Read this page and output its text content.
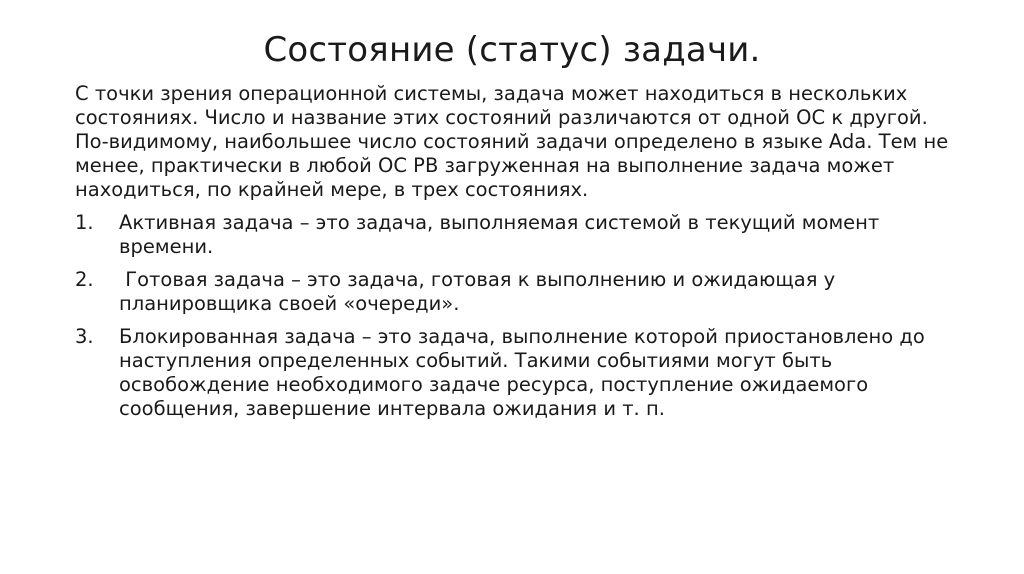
Состояние (статус) задачи.

С точки зрения операционной системы, задача может находиться в нескольких состояниях. Число и название этих состояний различаются от одной ОС к другой. По-видимому, наибольшее число состояний задачи определено в языке Ada. Тем не менее, практически в любой ОС РВ загруженная на выполнение задача может находиться, по крайней мере, в трех состояниях.

1. Активная задача – это задача, выполняемая системой в текущий момент времени.
2. Готовая задача – это задача, готовая к выполнению и ожидающая у планировщика своей «очереди».
3. Блокированная задача – это задача, выполнение которой приостановлено до наступления определенных событий. Такими событиями могут быть освобождение необходимого задаче ресурса, поступление ожидаемого сообщения, завершение интервала ожидания и т. п.
